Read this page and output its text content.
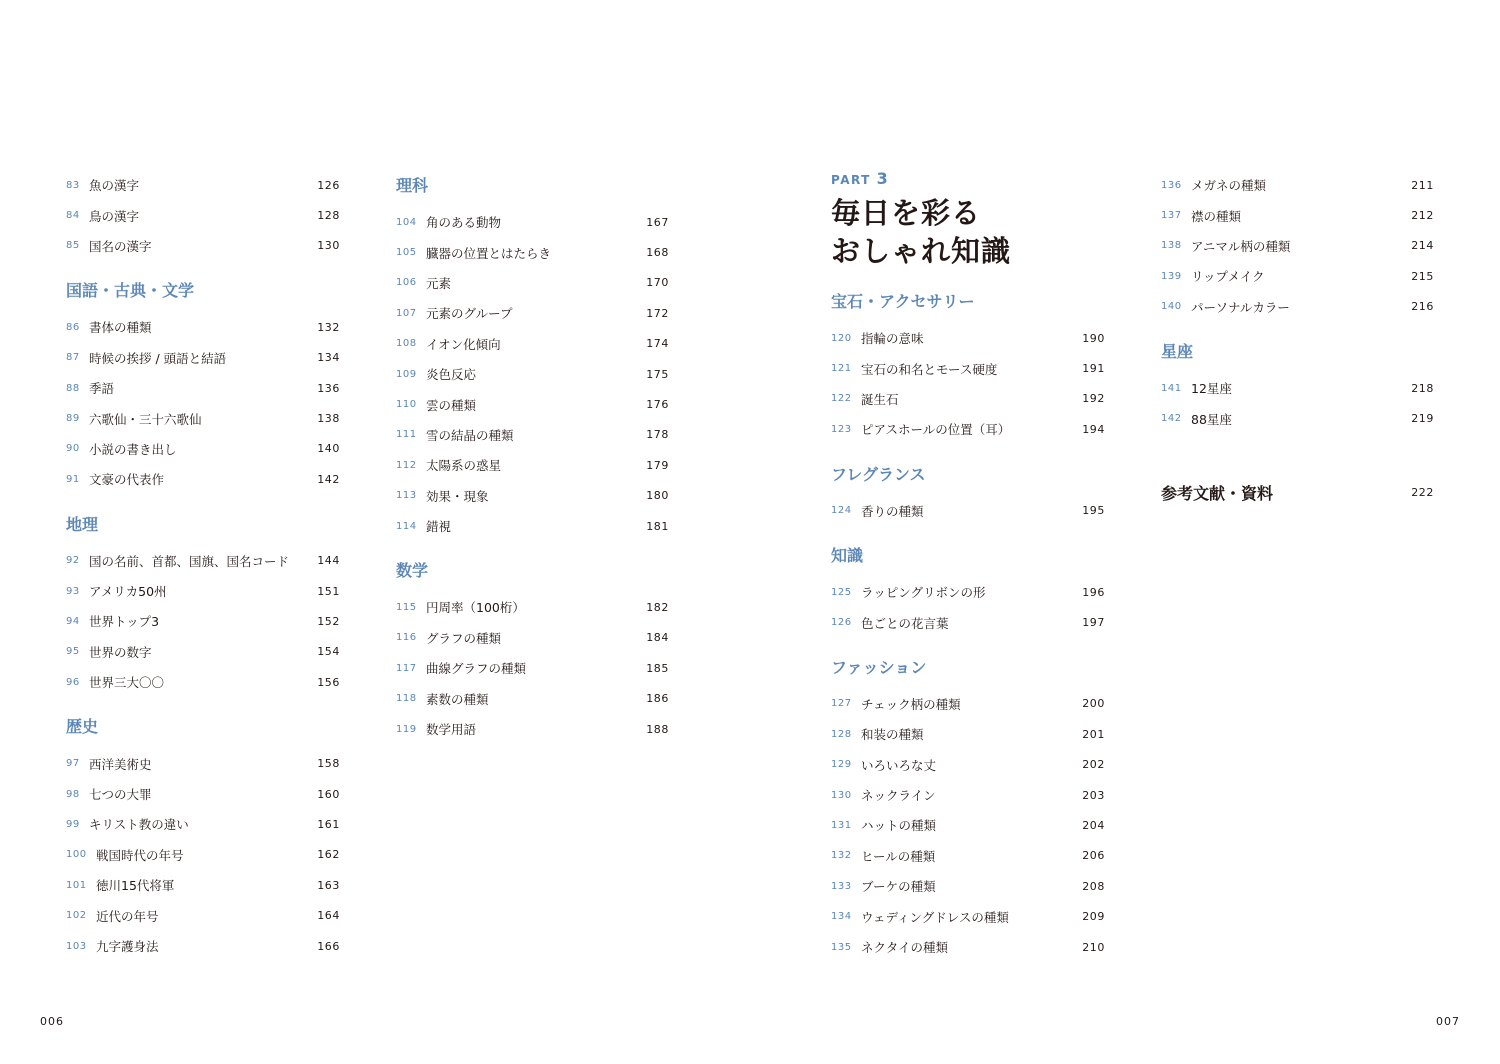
83 魚の漢字	126
84 鳥の漢字	128
85 国名の漢字	130
国語・古典・文学
86 書体の種類	132
87 時候の挨拶 / 頭語と結語	134
88 季語	136
89 六歌仙・三十六歌仙	138
90 小説の書き出し	140
91 文豪の代表作	142
地理
92 国の名前、首都、国旗、国名コード	144
93 アメリカ50州	151
94 世界トップ3	152
95 世界の数字	154
96 世界三大〇〇	156
歴史
97 西洋美術史	158
98 七つの大罪	160
99 キリスト教の違い	161
100 戦国時代の年号	162
101 徳川15代将軍	163
102 近代の年号	164
103 九字護身法	166
理科
104 角のある動物	167
105 臓器の位置とはたらき	168
106 元素	170
107 元素のグループ	172
108 イオン化傾向	174
109 炎色反応	175
110 雲の種類	176
111 雪の結晶の種類	178
112 太陽系の惑星	179
113 効果・現象	180
114 錯視	181
数学
115 円周率（100桁）	182
116 グラフの種類	184
117 曲線グラフの種類	185
118 素数の種類	186
119 数学用語	188
PART 3
毎日を彩る
おしゃれ知識
宝石・アクセサリー
120 指輪の意味	190
121 宝石の和名とモース硬度	191
122 誕生石	192
123 ピアスホールの位置（耳）	194
フレグランス
124 香りの種類	195
知識
125 ラッピングリボンの形	196
126 色ごとの花言葉	197
ファッション
127 チェック柄の種類	200
128 和装の種類	201
129 いろいろな丈	202
130 ネックライン	203
131 ハットの種類	204
132 ヒールの種類	206
133 ブーケの種類	208
134 ウェディングドレスの種類	209
135 ネクタイの種類	210
136 メガネの種類	211
137 襟の種類	212
138 アニマル柄の種類	214
139 リップメイク	215
140 パーソナルカラー	216
星座
141 12星座	218
142 88星座	219
参考文献・資料	222
006	007
